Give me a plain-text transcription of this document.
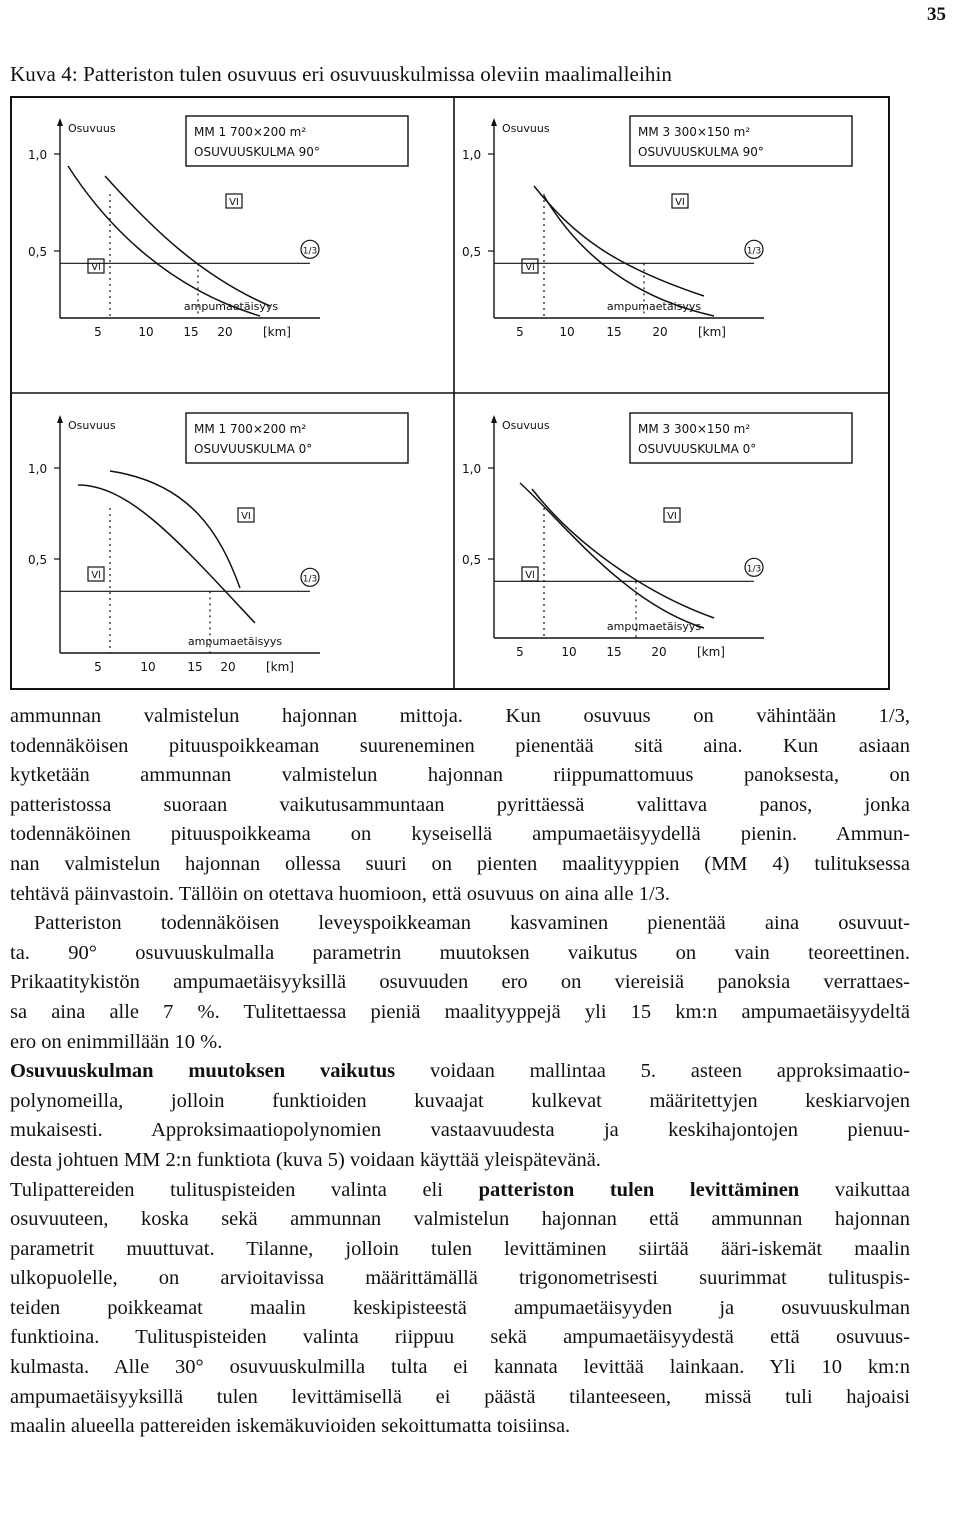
35
Kuva 4: Patteriston tulen osuvuus eri osuvuuskulmissa oleviin maalimalleihin
1,0
0,5
Osuvuus
1/3
Vl
VI
5	10 15 20	[km]
ampumaetäisyys
MM 1 700×200 m²
OSUVUUSKULMA 90°	1,0
0,5
Osuvuus
1/3
Vl
VI
5	10	15	20	[km]
ampumaetäisyys
MM 3 300×150 m²
OSUVUUSKULMA 90°
1,0
0,5
Osuvuus
1/3
Vl
VI
5	10	15 20	[km]
ampumaetäisyys
MM 1 700×200 m²
OSUVUUSKULMA 0°
1,0
0,5
Osuvuus
1/3
Vl
VI
5	10 15 20	[km]
ampumaetäisyys
MM 3 300×150 m²
OSUVUUSKULMA 0°

ammunnan valmistelun hajonnan mittoja. Kun osuvuus on vähintään 1/3,
todennäköisen pituuspoikkeaman suureneminen pienentää sitä aina. Kun asiaan
kytketään ammunnan valmistelun hajonnan riippumattomuus panoksesta, on
patteristossa suoraan vaikutusammuntaan pyrittäessä valittava panos, jonka
todennäköinen pituuspoikkeama on kyseisellä ampumaetäisyydellä pienin. Ammun-
nan valmistelun hajonnan ollessa suuri on pienten maalityyppien (MM 4) tulituksessa
tehtävä päinvastoin. Tällöin on otettava huomioon, että osuvuus on aina alle 1/3.

Patteriston todennäköisen leveyspoikkeaman kasvaminen pienentää aina osuvuut-
ta. 90° osuvuuskulmalla parametrin muutoksen vaikutus on vain teoreettinen.
Prikaatitykistön ampumaetäisyyksillä osuvuuden ero on viereisiä panoksia verrattaes-
sa aina alle 7 %. Tulitettaessa pieniä maalityyppejä yli 15 km:n ampumaetäisyydeltä
ero on enimmillään 10 %.

Osuvuuskulman muutoksen vaikutus voidaan mallintaa 5. asteen approksimaatio-
polynomeilla, jolloin funktioiden kuvaajat kulkevat määritettyjen keskiarvojen
mukaisesti. Approksimaatiopolynomien vastaavuudesta ja keskihajontojen pienuu-
desta johtuen MM 2:n funktiota (kuva 5) voidaan käyttää yleispätevänä.

Tulipattereiden tulituspisteiden valinta eli patteriston tulen levittäminen vaikuttaa
osuvuuteen, koska sekä ammunnan valmistelun hajonnan että ammunnan hajonnan
parametrit muuttuvat. Tilanne, jolloin tulen levittäminen siirtää ääri-iskemät maalin
ulkopuolelle, on arvioitavissa määrittämällä trigonometrisesti suurimmat tulituspis-
teiden poikkeamat maalin keskipisteestä ampumaetäisyyden ja osuvuuskulman
funktioina. Tulituspisteiden valinta riippuu sekä ampumaetäisyydestä että osuvuus-
kulmasta. Alle 30° osuvuuskulmilla tulta ei kannata levittää lainkaan. Yli 10 km:n
ampumaetäisyyksillä tulen levittämisellä ei päästä tilanteeseen, missä tuli hajoaisi
maalin alueella pattereiden iskemäkuvioiden sekoittumatta toisiinsa.
